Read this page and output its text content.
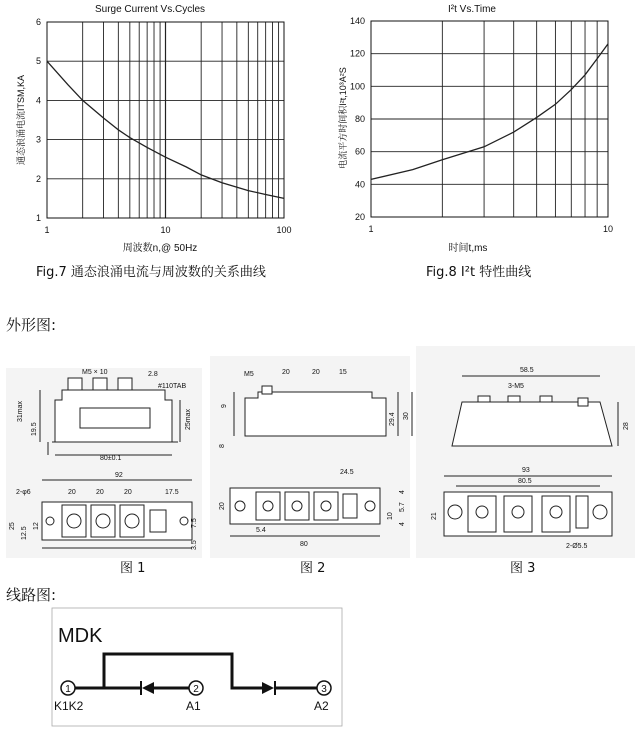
Surge Current Vs.Cycles
1
2
3
4
5
6
1	10	100
周波数n,@ 50Hz
通态浪涌电流ITSM,KA
Fig.7 通态浪涌电流与周波数的关系曲线
I²t Vs.Time
20
40
60
80
100
120
140
1	10
时间t,ms
电流平方时间积I²t,10³A²S
Fig.8 I²t 特性曲线
外形图:
M5 × 10	2.8
#110TAB
31max
19.5	25max
80±0.1
92
20	20	20	17.5
2-φ6
25
12.5
12	7.5
3.5
M5	20	20	15
9
29.4 30
8
24.5
20
5.4
80
4
5.7
4
10
58.5
3-M5
28
93
80.5
21
2-Ø5.5
图 1	图 2	图 3
线路图:
MDK
1	2	3
K1K2	A1	A2
